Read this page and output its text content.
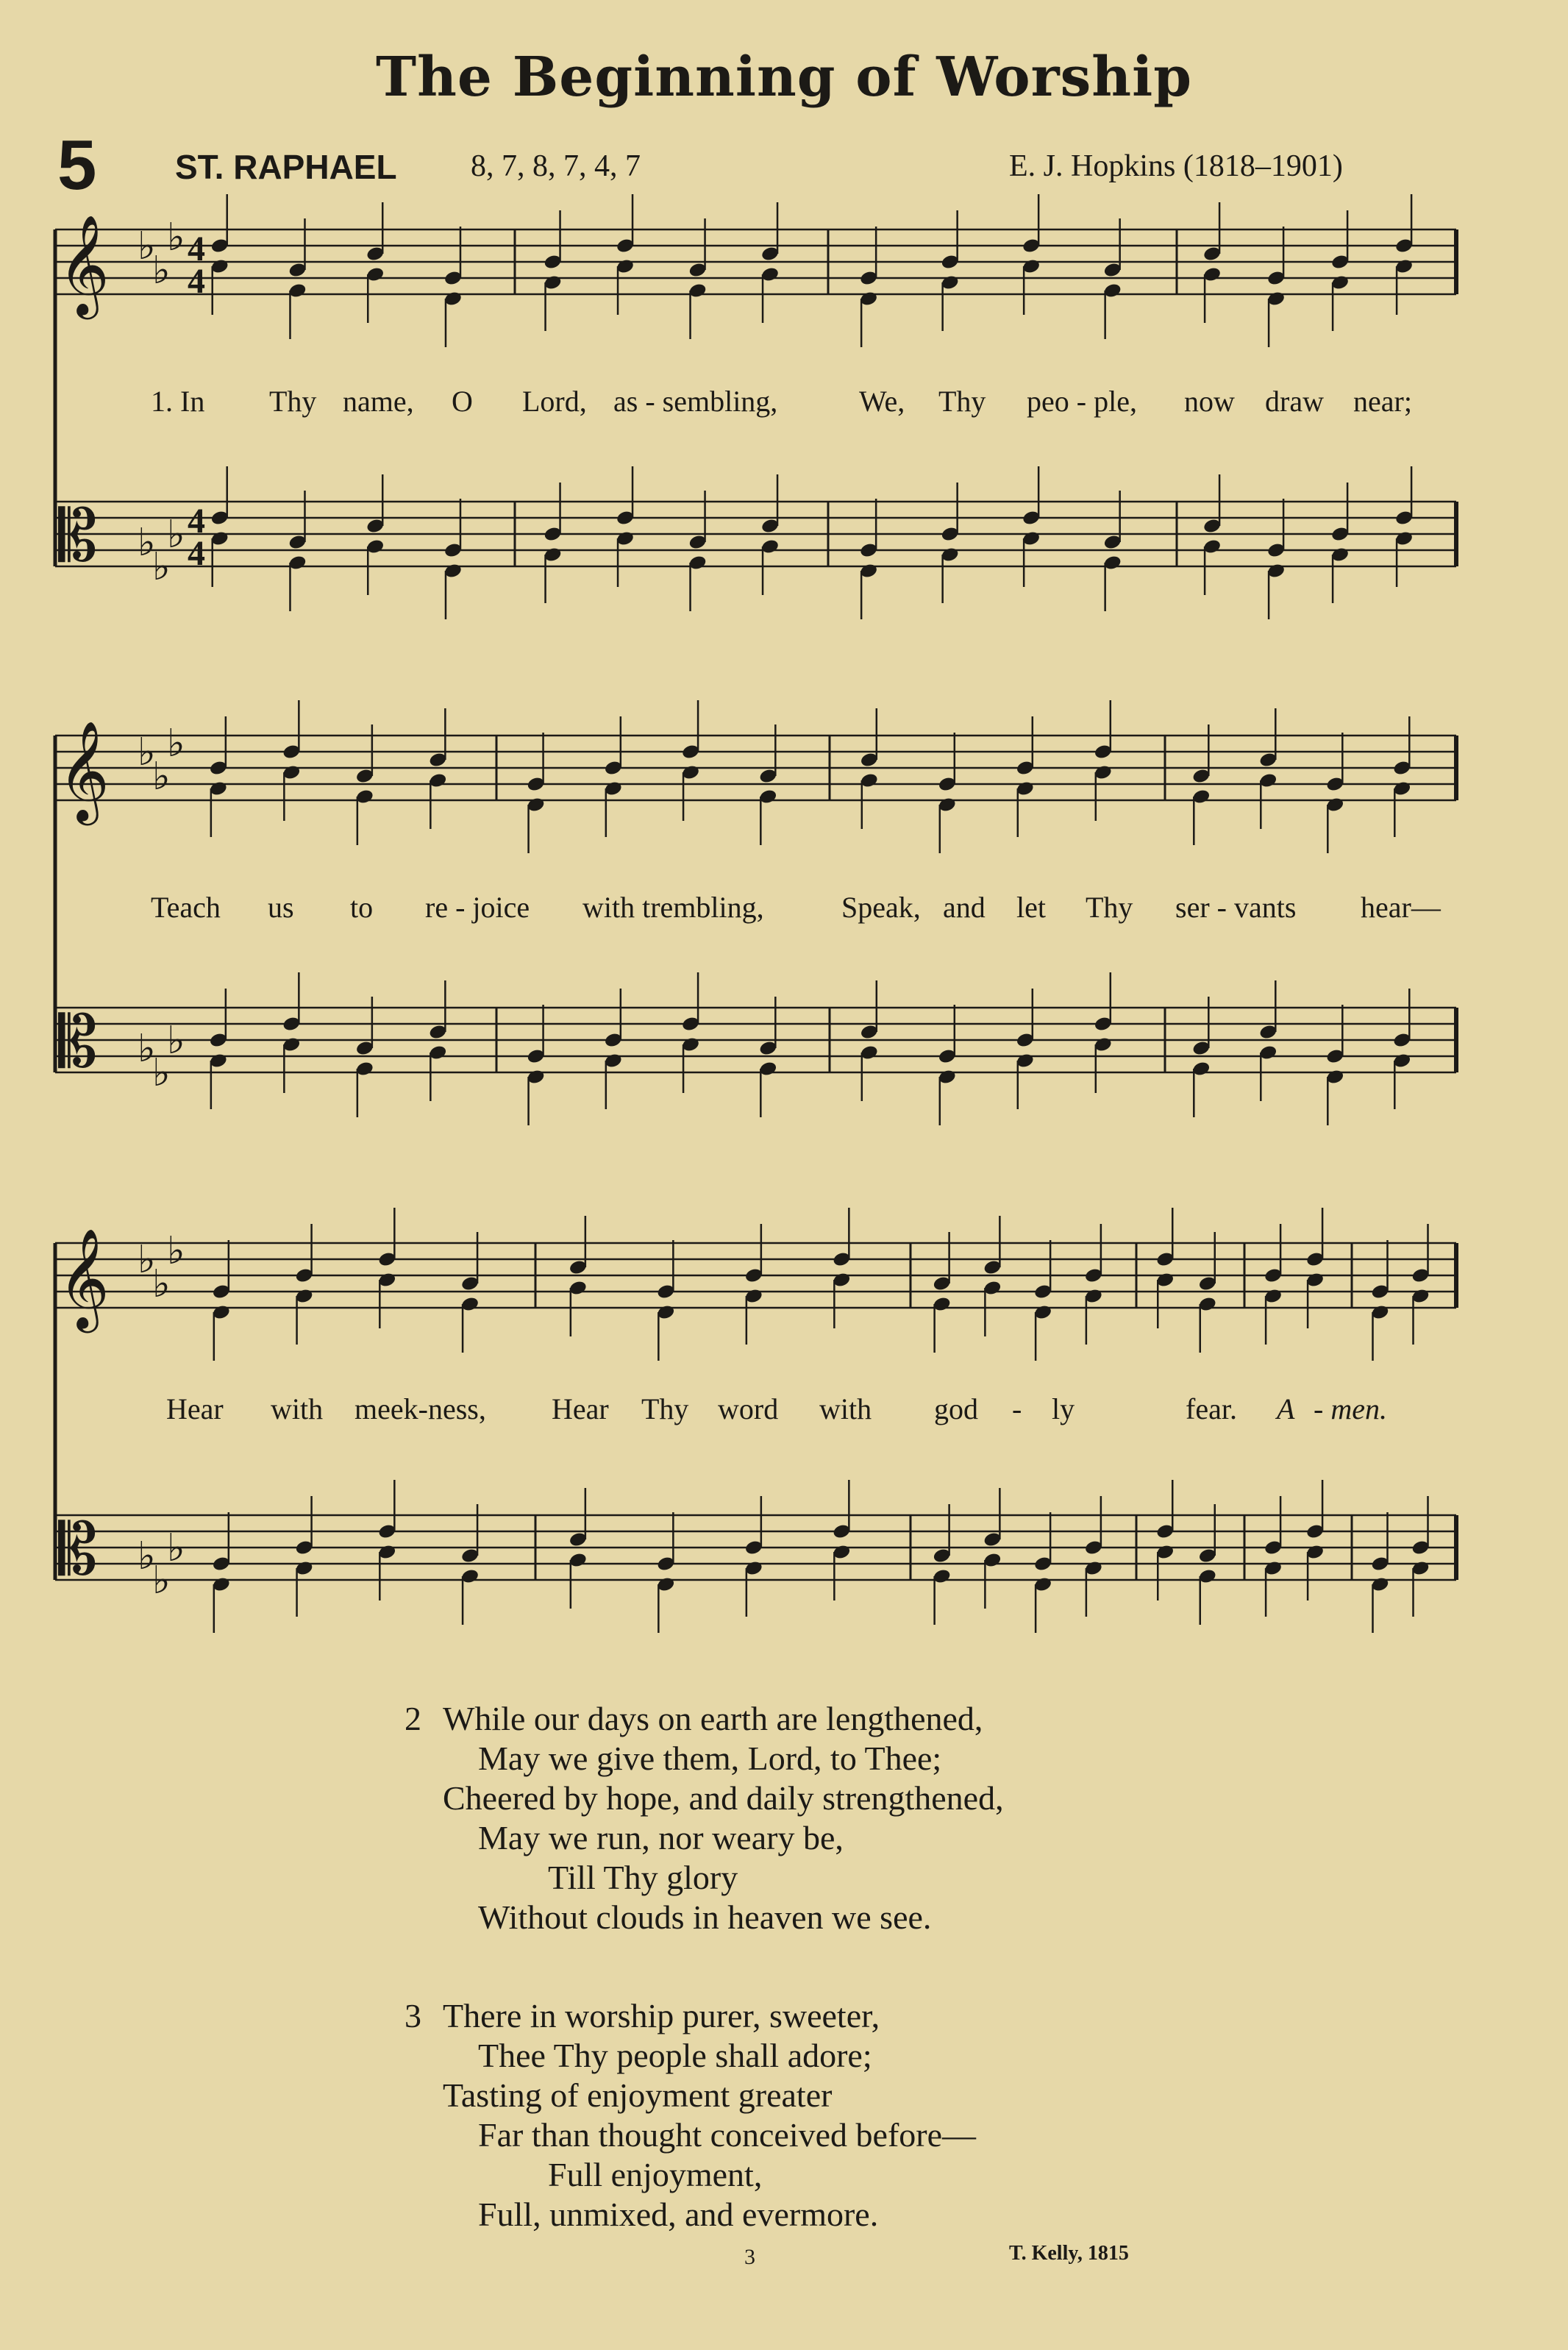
The Beginning of Worship
5 ST. RAPHAEL 8, 7, 8, 7, 4, 7	E. J. Hopkins (1818–1901)
𝄞 ♭
♭
♭ 4
4
𝄡 ♭
♭
♭ 4
4
𝄞 ♭
♭
♭
𝄡 ♭
♭
♭
𝄞 ♭
♭
♭
𝄡 ♭
♭
♭
1. In Thy name, O Lord, as - sembling,	We, Thy peo - ple, now draw near;
Teach us to re - joice with trembling,	Speak, and let Thy ser - vants hear—
Hear with meek-ness, Hear Thy word with god - ly	fear. A - men.
2 While our days on earth are lengthened,
May we give them, Lord, to Thee;
Cheered by hope, and daily strengthened,
May we run, nor weary be,
Till Thy glory
Without clouds in heaven we see.
3 There in worship purer, sweeter,
Thee Thy people shall adore;
Tasting of enjoyment greater
Far than thought conceived before—
Full enjoyment,
Full, unmixed, and evermore.
3	T. Kelly, 1815
